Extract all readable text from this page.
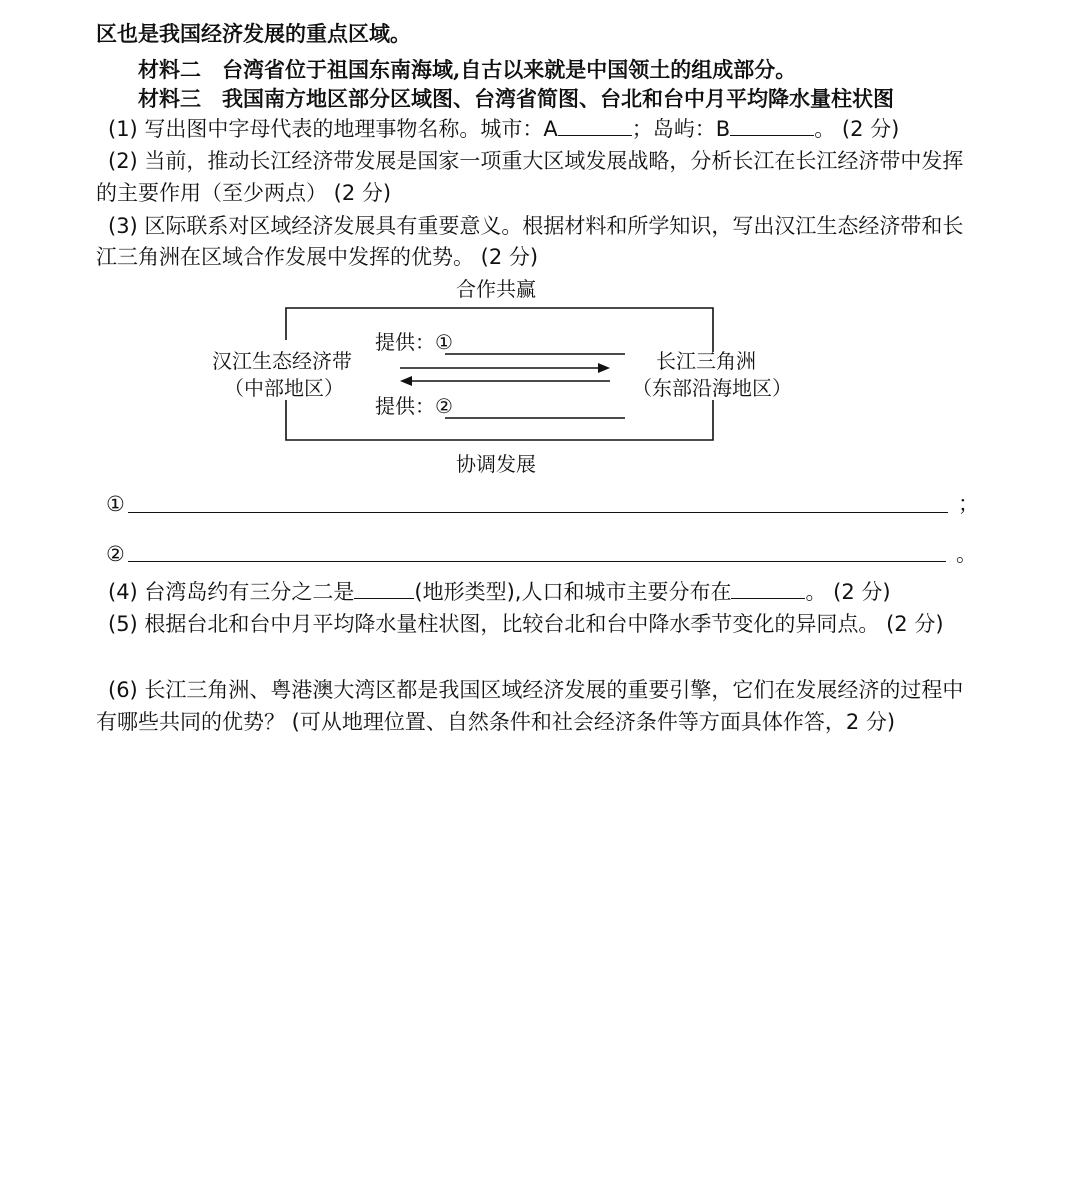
区也是我国经济发展的重点区域。
材料二　台湾省位于祖国东南海域,自古以来就是中国领土的组成部分。
材料三　我国南方地区部分区域图、台湾省简图、台北和台中月平均降水量柱状图
(1) 写出图中字母代表的地理事物名称。城市：A	；岛屿：B	。 (2 分)
(2) 当前，推动长江经济带发展是国家一项重大区域发展战略，分析长江在长江经济带中发挥
的主要作用（至少两点） (2 分)
(3) 区际联系对区域经济发展具有重要意义。根据材料和所学知识，写出汉江生态经济带和长
江三角洲在区域合作发展中发挥的优势。 (2 分)
合作共赢
协调发展
汉江生态经济带
（中部地区）
长江三角洲
（东部沿海地区）
提供：①
提供：②
①	；
②	。
(4) 台湾岛约有三分之二是	(地形类型),人口和城市主要分布在	。 (2 分)
(5) 根据台北和台中月平均降水量柱状图，比较台北和台中降水季节变化的异同点。 (2 分)
(6) 长江三角洲、粤港澳大湾区都是我国区域经济发展的重要引擎，它们在发展经济的过程中
有哪些共同的优势？ (可从地理位置、自然条件和社会经济条件等方面具体作答，2 分)
